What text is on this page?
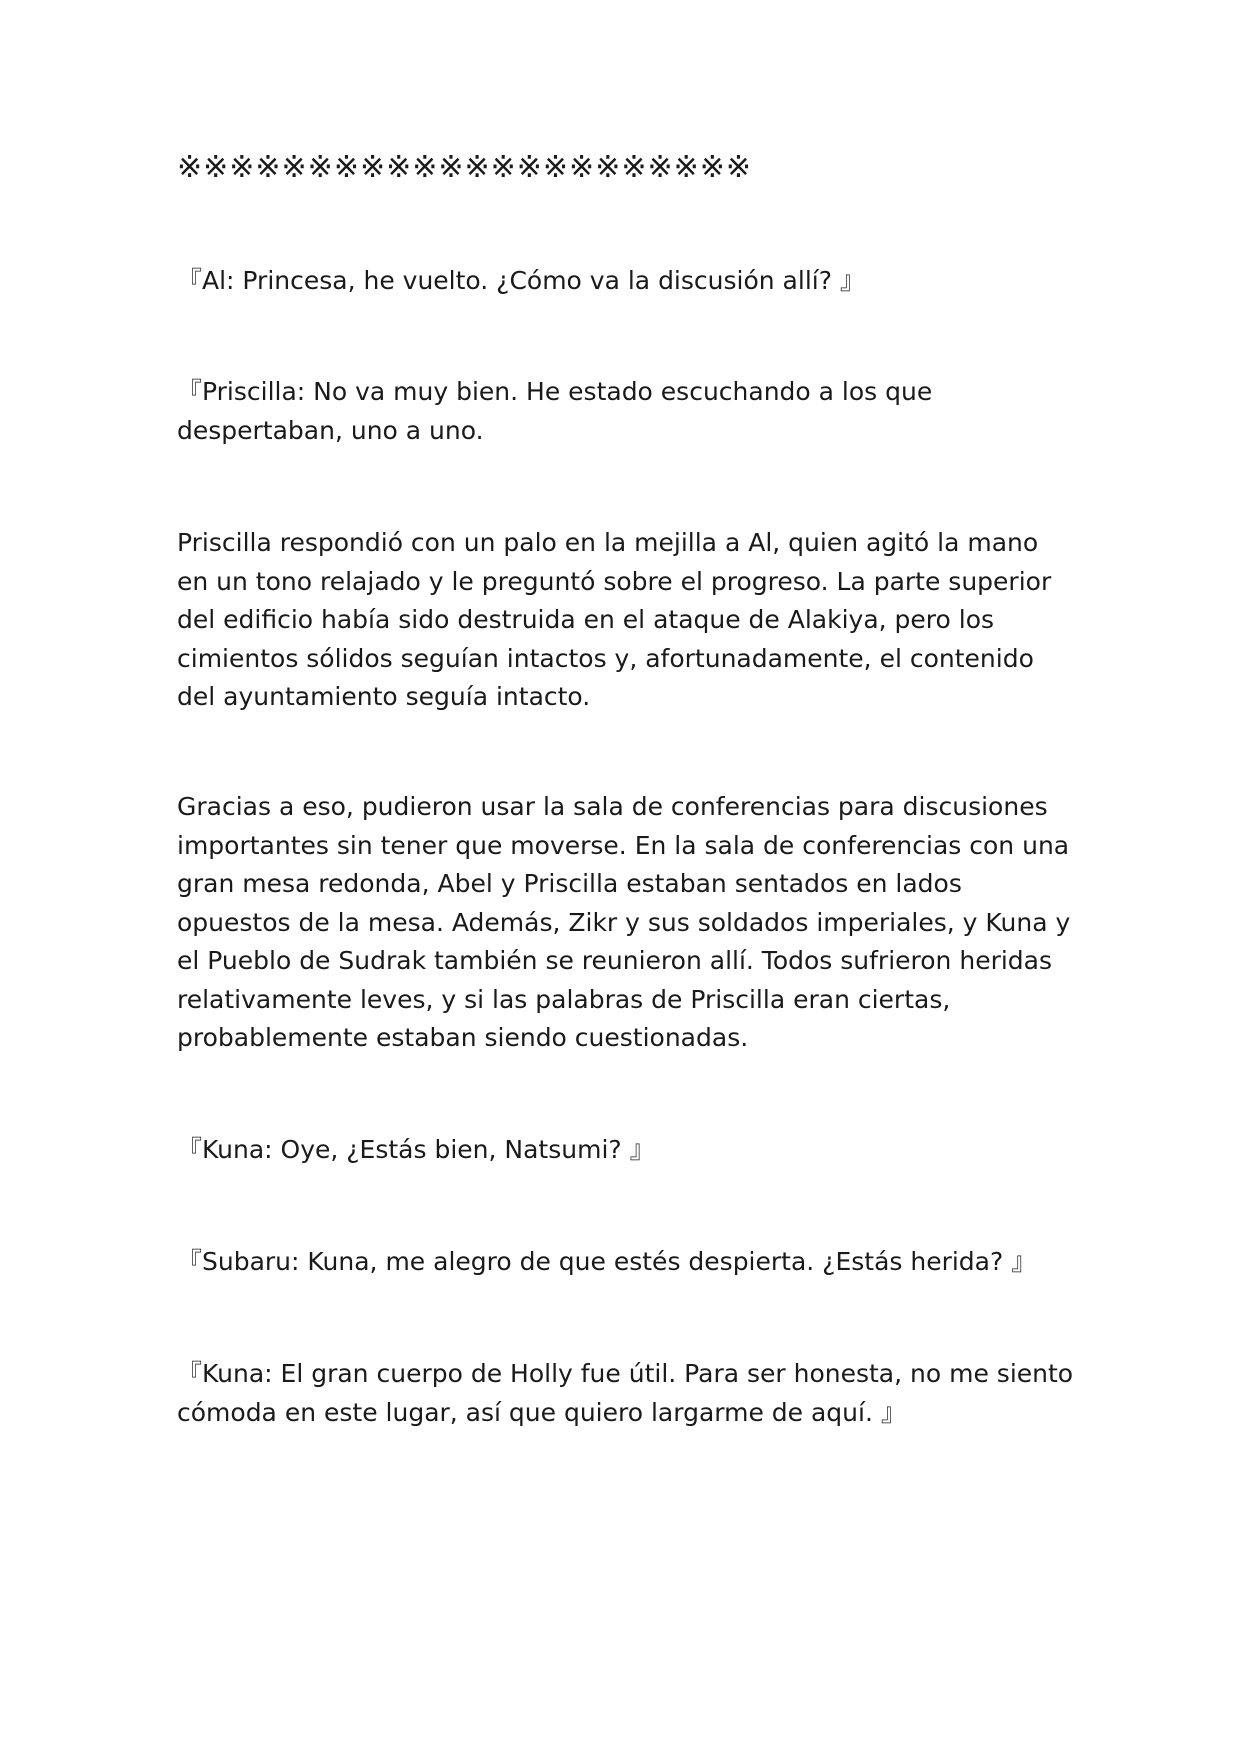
※※※※※※※※※※※※※※※※※※※※※※

『Al: Princesa, he vuelto. ¿Cómo va la discusión allí? 』

『Priscilla: No va muy bien. He estado escuchando a los que despertaban, uno a uno.

Priscilla respondió con un palo en la mejilla a Al, quien agitó la mano en un tono relajado y le preguntó sobre el progreso. La parte superior del edificio había sido destruida en el ataque de Alakiya, pero los cimientos sólidos seguían intactos y, afortunadamente, el contenido del ayuntamiento seguía intacto.

Gracias a eso, pudieron usar la sala de conferencias para discusiones importantes sin tener que moverse. En la sala de conferencias con una gran mesa redonda, Abel y Priscilla estaban sentados en lados opuestos de la mesa. Además, Zikr y sus soldados imperiales, y Kuna y el Pueblo de Sudrak también se reunieron allí. Todos sufrieron heridas relativamente leves, y si las palabras de Priscilla eran ciertas, probablemente estaban siendo cuestionadas.

『Kuna: Oye, ¿Estás bien, Natsumi? 』

『Subaru: Kuna, me alegro de que estés despierta. ¿Estás herida? 』

『Kuna: El gran cuerpo de Holly fue útil. Para ser honesta, no me siento cómoda en este lugar, así que quiero largarme de aquí. 』
